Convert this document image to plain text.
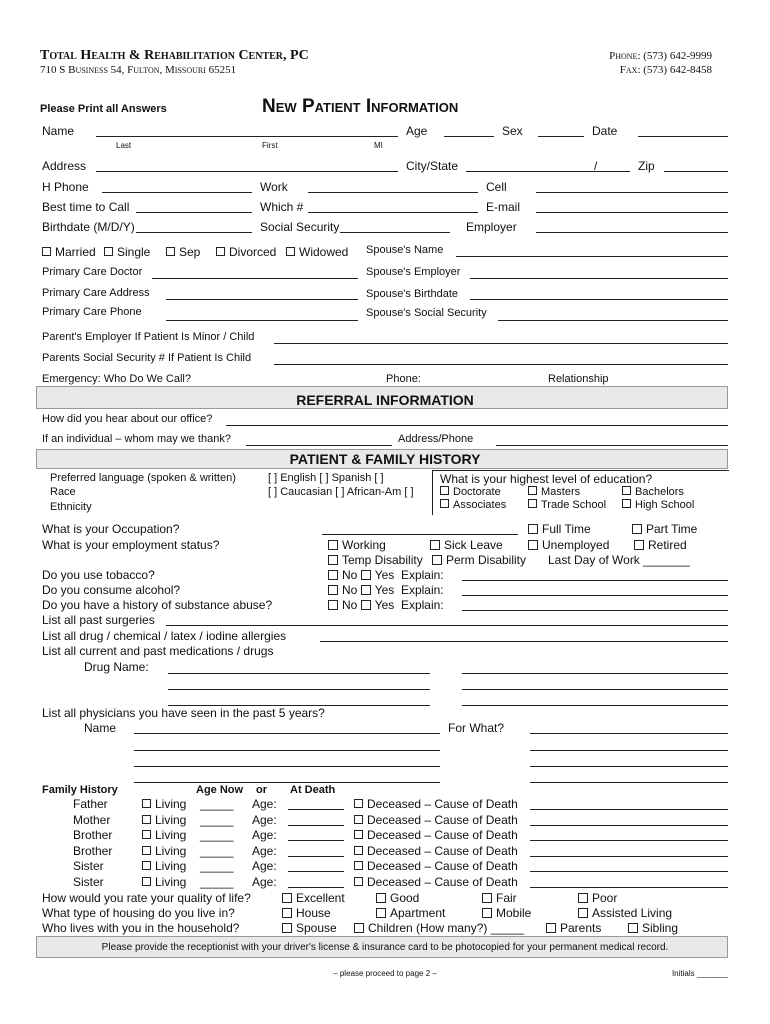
Total Health & Rehabilitation Center, PC
710 S Business 54, Fulton, Missouri 65251
Phone: (573) 642-9999
Fax: (573) 642-8458
Please Print all Answers	New Patient Information
Name
Last	First	MI
Age	Sex	Date
Address	City/State	/	Zip
H Phone	Work	Cell
Best time to Call	Which #	E-mail
Birthdate (M/D/Y)	Social Security	Employer
Married	Single	Sep	Divorced	Widowed Spouse's Name
Primary Care Doctor	Spouse's Employer
Primary Care Address	Spouse's Birthdate
Primary Care Phone	Spouse's Social Security
Parent's Employer If Patient Is Minor / Child
Parents Social Security # If Patient Is Child
Emergency: Who Do We Call?	Phone:	Relationship
REFERRAL INFORMATION
How did you hear about our office?
If an individual – whom may we thank?	Address/Phone
PATIENT & FAMILY HISTORY
Preferred language (spoken & written)	[ ] English [ ] Spanish [ ]
Race	[ ] Caucasian [ ] African-Am [ ]
Ethnicity
What is your highest level of education?
Doctorate	Masters	Bachelors
Associates	Trade School	High School
What is your Occupation?	Full Time	Part Time
What is your employment status?	Working	Sick Leave	Unemployed	Retired
Temp Disability	Perm Disability Last Day of Work _______
Do you use tobacco?	No Yes Explain:
Do you consume alcohol?	No Yes Explain:
Do you have a history of substance abuse?	No Yes Explain:
List all past surgeries
List all drug / chemical / latex / iodine allergies
List all current and past medications / drugs
Drug Name:
List all physicians you have seen in the past 5 years?
Name	For What?
Family History	Age Now or At Death
Father	Living _____ Age:	Deceased – Cause of Death
Mother	Living _____ Age:	Deceased – Cause of Death
Brother	Living _____ Age:	Deceased – Cause of Death
Brother	Living _____ Age:	Deceased – Cause of Death
Sister	Living _____ Age:	Deceased – Cause of Death
Sister	Living _____ Age:	Deceased – Cause of Death
How would you rate your quality of life?	Excellent	Good	Fair	Poor
What type of housing do you live in?	House	Apartment	Mobile	Assisted Living
Who lives with you in the household?	Spouse	Children (How many?) _____	Parents	Sibling
Please provide the receptionist with your driver's license & insurance card to be photocopied for your permanent medical record.
– please proceed to page 2 –	Initials _______
